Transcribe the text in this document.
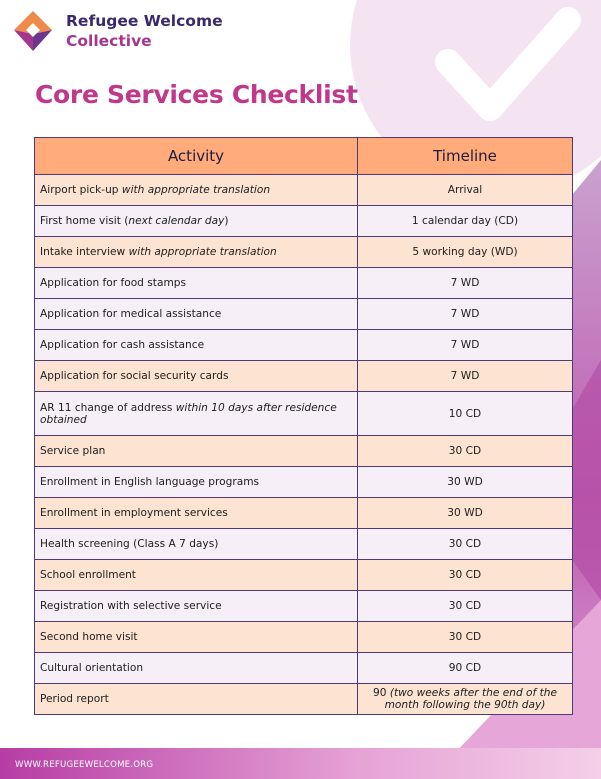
Refugee Welcome
Collective
Core Services Checklist
Activity	Timeline
Airport pick-up with appropriate translation	Arrival
First home visit (next calendar day)	1 calendar day (CD)
Intake interview with appropriate translation	5 working day (WD)
Application for food stamps	7 WD
Application for medical assistance	7 WD
Application for cash assistance	7 WD
Application for social security cards	7 WD
AR 11 change of address within 10 days after residence obtained	10 CD
Service plan	30 CD
Enrollment in English language programs	30 WD
Enrollment in employment services	30 WD
Health screening (Class A 7 days)	30 CD
School enrollment	30 CD
Registration with selective service	30 CD
Second home visit	30 CD
Cultural orientation	90 CD
Period report	90 (two weeks after the end of the month following the 90th day)
WWW.REFUGEEWELCOME.ORG
